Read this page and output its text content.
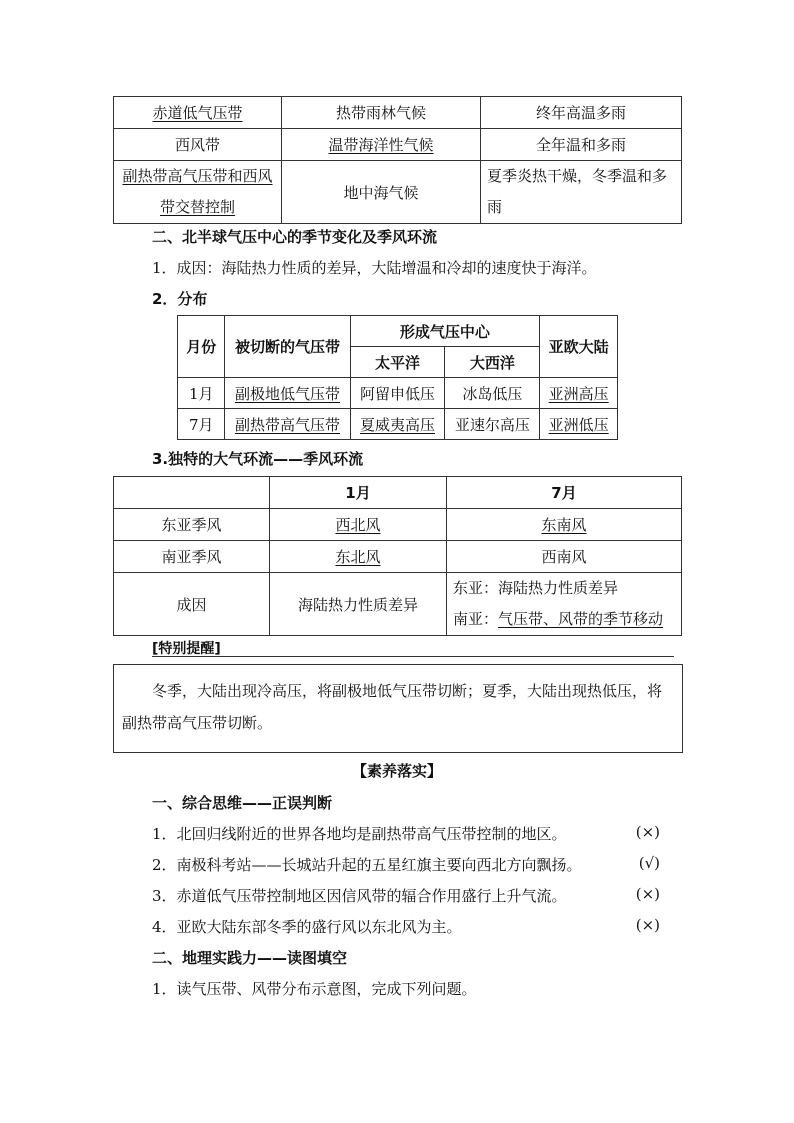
赤道低气压带	热带雨林气候	终年高温多雨
西风带	温带海洋性气候	全年温和多雨
副热带高气压带和西风带交替控制	地中海气候	夏季炎热干燥，冬季温和多雨
二、北半球气压中心的季节变化及季风环流
1．成因：海陆热力性质的差异，大陆增温和冷却的速度快于海洋。
2．分布
月份	被切断的气压带	形成气压中心		亚欧大陆
		太平洋	大西洋	
1月	副极地低气压带	阿留申低压	冰岛低压	亚洲高压
7月	副热带高气压带	夏威夷高压	亚速尔高压	亚洲低压
3.独特的大气环流——季风环流
	1月	7月
东亚季风	西北风	东南风
南亚季风	东北风	西南风
成因	海陆热力性质差异	东亚：海陆热力性质差异
南亚：气压带、风带的季节移动
[特别提醒]

冬季，大陆出现冷高压，将副极地低气压带切断；夏季，大陆出现热低压，将副热带高气压带切断。

【素养落实】
一、综合思维——正误判断
1．北回归线附近的世界各地均是副热带高气压带控制的地区。	(×)
2．南极科考站——长城站升起的五星红旗主要向西北方向飘扬。	(√)
3．赤道低气压带控制地区因信风带的辐合作用盛行上升气流。	(×)
4．亚欧大陆东部冬季的盛行风以东北风为主。	(×)
二、地理实践力——读图填空
1．读气压带、风带分布示意图，完成下列问题。
